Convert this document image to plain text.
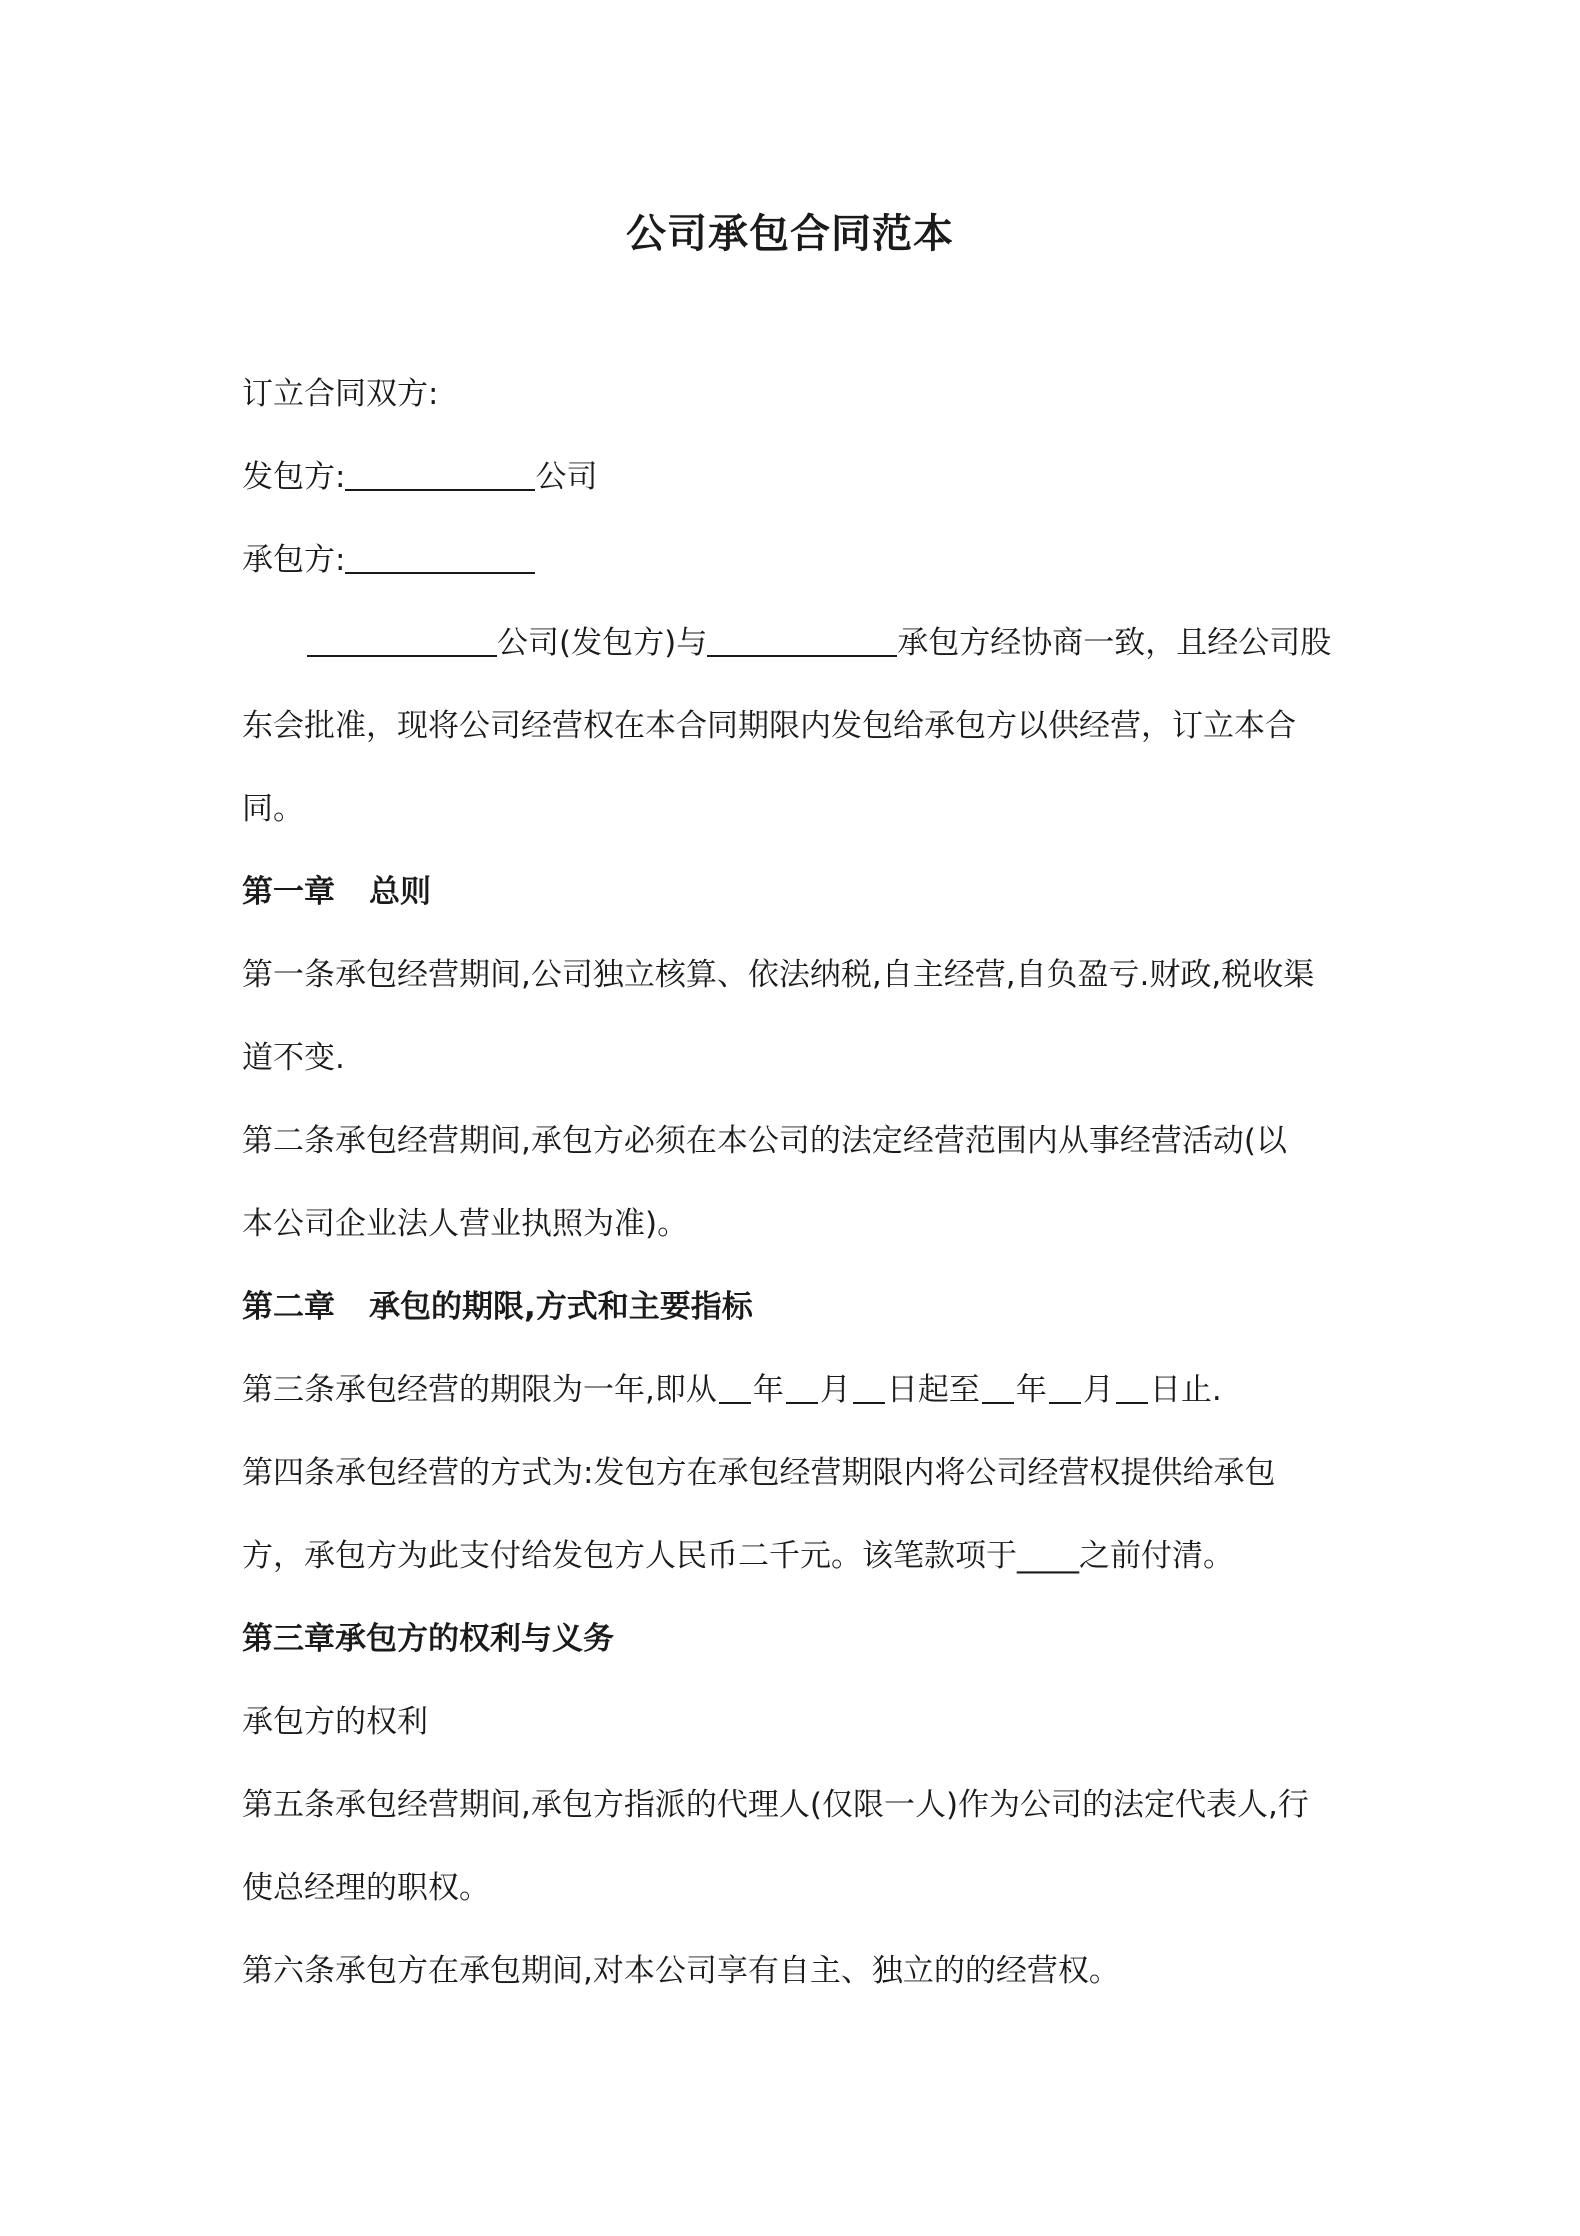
公司承包合同范本
订立合同双方:
发包方:	公司
承包方:
公司(发包方)与	承包方经协商一致，且经公司股
东会批准，现将公司经营权在本合同期限内发包给承包方以供经营，订立本合
同。
第一章 总则
第一条承包经营期间,公司独立核算、依法纳税,自主经营,自负盈亏.财政,税收渠
道不变.
第二条承包经营期间,承包方必须在本公司的法定经营范围内从事经营活动(以
本公司企业法人营业执照为准)。
第二章 承包的期限,方式和主要指标
第三条承包经营的期限为一年,即从 年 月 日起至 年 月 日止.
第四条承包经营的方式为:发包方在承包经营期限内将公司经营权提供给承包
方，承包方为此支付给发包方人民币二千元。该笔款项于____之前付清。
第三章承包方的权利与义务
承包方的权利
第五条承包经营期间,承包方指派的代理人(仅限一人)作为公司的法定代表人,行
使总经理的职权。
第六条承包方在承包期间,对本公司享有自主、独立的的经营权。
